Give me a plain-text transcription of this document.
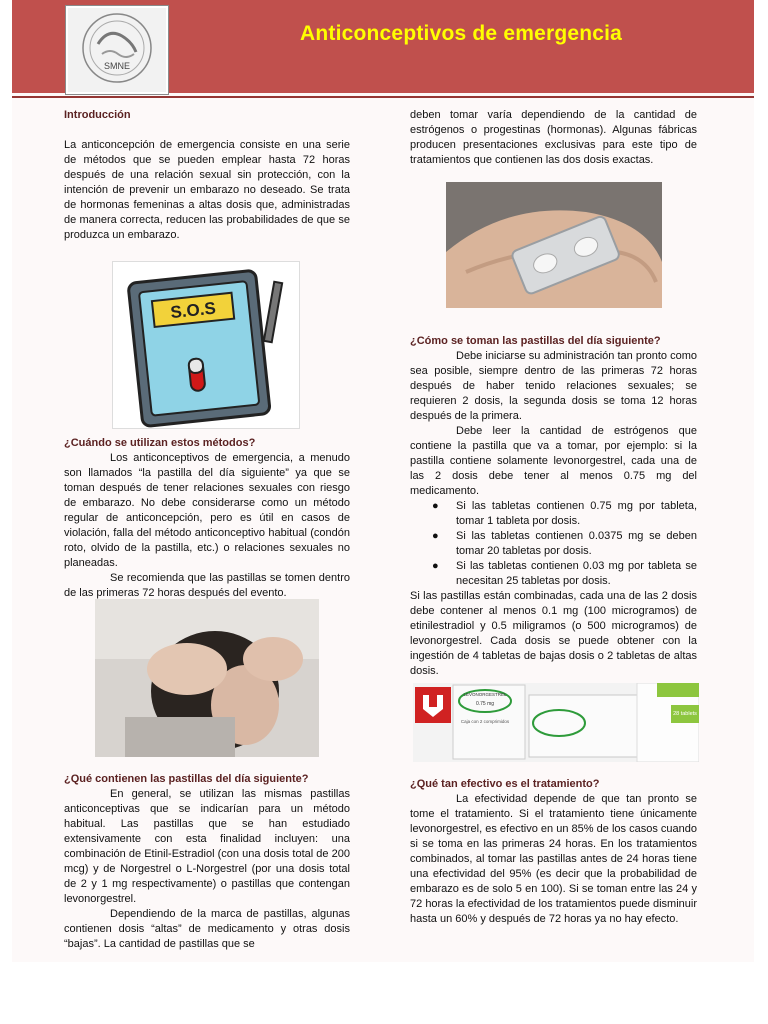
SMNE
Anticonceptivos de emergencia

Introducción

La anticoncepción de emergencia consiste en una serie de métodos que se pueden emplear hasta 72 horas después de una relación sexual sin protección, con la intención de prevenir un embarazo no deseado. Se trata de hormonas femeninas a altas dosis que, administradas de manera correcta, reducen las probabilidades de que se produzca un embarazo.

S.O.S

¿Cuándo se utilizan estos métodos?

Los anticonceptivos de emergencia, a menudo son llamados “la pastilla del día siguiente” ya que se toman después de tener relaciones sexuales con riesgo de embarazo. No debe considerarse como un método regular de anticoncepción, pero es útil en casos de violación, falla del método anticonceptivo habitual (condón roto, olvido de la pastilla, etc.) o relaciones sexuales no planeadas.

Se recomienda que las pastillas se tomen dentro de las primeras 72 horas después del evento.

¿Qué contienen las pastillas del día siguiente?

En general, se utilizan las mismas pastillas anticonceptivas que se indicarían para un método habitual. Las pastillas que se han estudiado extensivamente con esta finalidad incluyen: una combinación de Etinil-Estradiol (con una dosis total de 200 mcg) y de Norgestrel o L-Norgestrel (por una dosis total de 2 y 1 mg respectivamente) o pastillas que contengan levonorgestrel.

Dependiendo de la marca de pastillas, algunas contienen dosis “altas” de medicamento y otras dosis “bajas”. La cantidad de pastillas que se

deben tomar varía dependiendo de la cantidad de estrógenos o progestinas (hormonas). Algunas fábricas producen presentaciones exclusivas para este tipo de tratamientos que contienen las dos dosis exactas.

¿Cómo se toman las pastillas del día siguiente?

Debe iniciarse su administración tan pronto como sea posible, siempre dentro de las primeras 72 horas después de haber tenido relaciones sexuales; se requieren 2 dosis, la segunda dosis se toma 12 horas después de la primera.

Debe leer la cantidad de estrógenos que contiene la pastilla que va a tomar, por ejemplo: si la pastilla contiene solamente levonorgestrel, cada una de las 2 dosis debe tener al menos 0.75 mg del medicamento.

● Si las tabletas contienen 0.75 mg por tableta, tomar 1 tableta por dosis.
● Si las tabletas contienen 0.0375 mg se deben tomar 20 tabletas por dosis.
● Si las tabletas contienen 0.03 mg por tableta se necesitan 25 tabletas por dosis.

Si las pastillas están combinadas, cada una de las 2 dosis debe contener al menos 0.1 mg (100 microgramos) de etinilestradiol y 0.5 miligramos (o 500 microgramos) de levonorgestrel. Cada dosis se puede obtener con la ingestión de 4 tabletas de bajas dosis o 2 tabletas de altas dosis.

LEVONORGESTREL
0.75 mg
Caja con 2 comprimidos
28 tablets

¿Qué tan efectivo es el tratamiento?

La efectividad depende de que tan pronto se tome el tratamiento. Si el tratamiento tiene únicamente levonorgestrel, es efectivo en un 85% de los casos cuando si se toma en las primeras 24 horas. En los tratamientos combinados, al tomar las pastillas antes de 24 horas tiene una efectividad del 95% (es decir que la probabilidad de embarazo es de solo 5 en 100). Si se toman entre las 24 y 72 horas la efectividad de los tratamientos puede disminuir hasta un 60% y después de 72 horas ya no hay efecto.
